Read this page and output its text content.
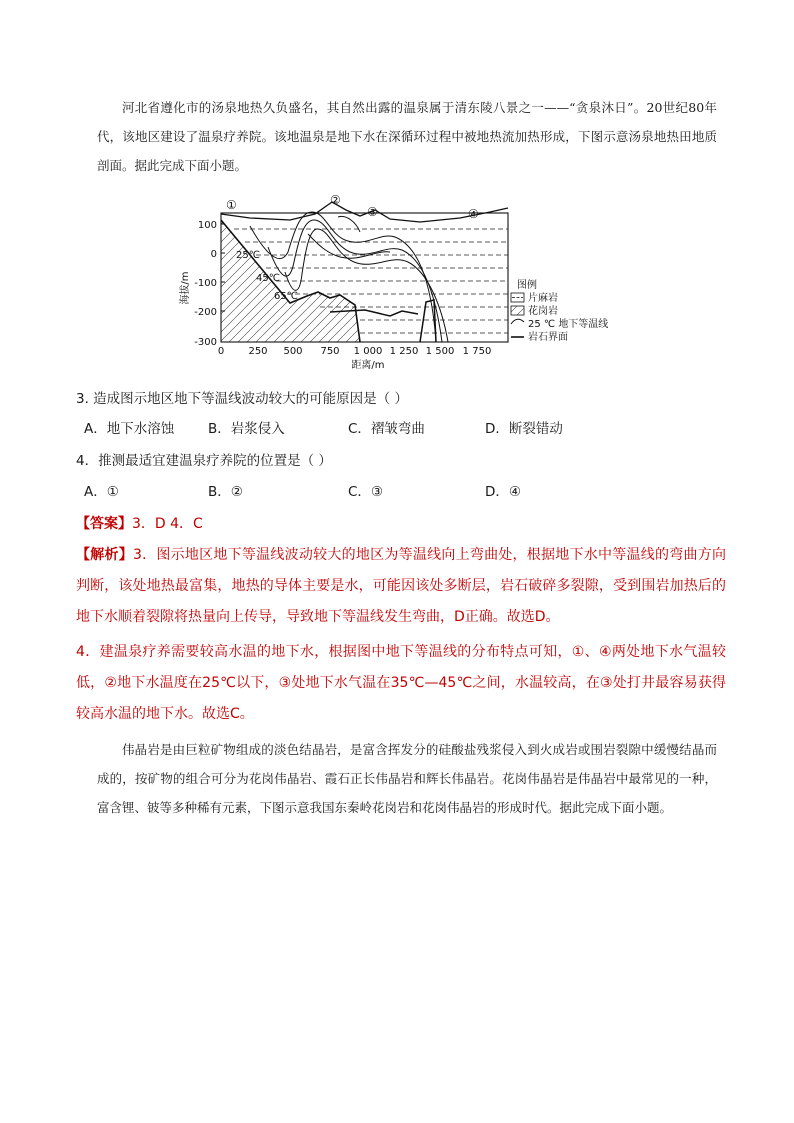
河北省遵化市的汤泉地热久负盛名，其自然出露的温泉属于清东陵八景之一——“贪泉沐日”。20世纪80年代，该地区建设了温泉疗养院。该地温泉是地下水在深循环过程中被地热流加热形成，下图示意汤泉地热田地质剖面。据此完成下面小题。

100
0
-100
-200
-300
海拔/m
0 250 500 750 1 000 1 250 1 500 1 750
距离/m
①	②
③	④
25℃
45℃
65℃
图例
片麻岩
花岗岩
25 ℃ 地下等温线
岩石界面

3. 造成图示地区地下等温线波动较大的可能原因是（ ）

A．地下水溶蚀	B．岩浆侵入	C．褶皱弯曲	D．断裂错动

4．推测最适宜建温泉疗养院的位置是（ ）

A．①	B．②	C．③	D．④

【答案】3．D 4．C

【解析】3．图示地区地下等温线波动较大的地区为等温线向上弯曲处，根据地下水中等温线的弯曲方向判断，该处地热最富集，地热的导体主要是水，可能因该处多断层，岩石破碎多裂隙，受到围岩加热后的地下水顺着裂隙将热量向上传导，导致地下等温线发生弯曲，D正确。故选D。

4．建温泉疗养需要较高水温的地下水，根据图中地下等温线的分布特点可知，①、④两处地下水气温较低，②地下水温度在25℃以下，③处地下水气温在35℃—45℃之间，水温较高，在③处打井最容易获得较高水温的地下水。故选C。

伟晶岩是由巨粒矿物组成的淡色结晶岩，是富含挥发分的硅酸盐残浆侵入到火成岩或围岩裂隙中缓慢结晶而成的，按矿物的组合可分为花岗伟晶岩、霞石正长伟晶岩和辉长伟晶岩。花岗伟晶岩是伟晶岩中最常见的一种，富含锂、铍等多种稀有元素，下图示意我国东秦岭花岗岩和花岗伟晶岩的形成时代。据此完成下面小题。
